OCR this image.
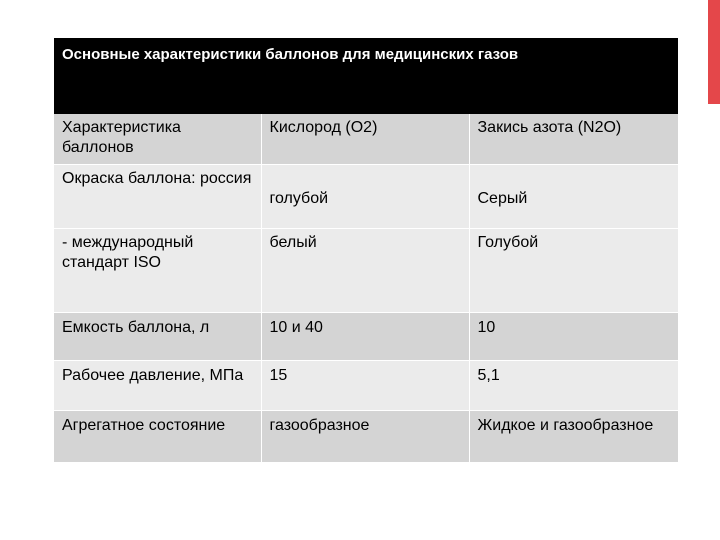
Основные характеристики баллонов для медицинских газов		
Характеристика баллонов	Кислород (О2)	Закись азота (N2O)
Окраска баллона: россия	голубой	Серый
- международный стандарт ISO	белый	Голубой
Емкость баллона, л	10 и 40	10
Рабочее давление, МПа	15	5,1
Агрегатное состояние	газообразное	Жидкое и газообразное
